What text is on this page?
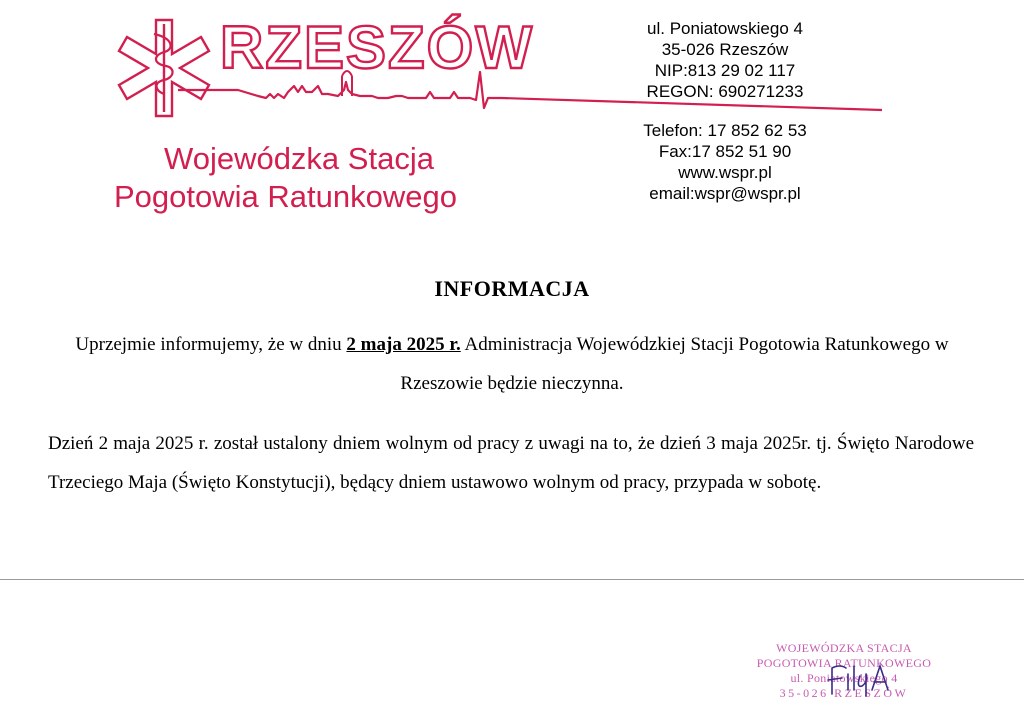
RZESZÓW
Wojewódzka Stacja
Pogotowia Ratunkowego
ul. Poniatowskiego 4
35-026 Rzeszów
NIP:813 29 02 117
REGON: 690271233
Telefon: 17 852 62 53
Fax:17 852 51 90
www.wspr.pl
email:wspr@wspr.pl
INFORMACJA
Uprzejmie informujemy, że w dniu 2 maja 2025 r. Administracja Wojewódzkiej Stacji Pogotowia Ratunkowego w Rzeszowie będzie nieczynna.
Dzień 2 maja 2025 r. został ustalony dniem wolnym od pracy z uwagi na to, że dzień 3 maja 2025r. tj. Święto Narodowe Trzeciego Maja (Święto Konstytucji), będący dniem ustawowo wolnym od pracy, przypada w sobotę.
WOJEWÓDZKA STACJA
POGOTOWIA RATUNKOWEGO
ul. Poniatowskiego 4
35-026 RZESZÓW
